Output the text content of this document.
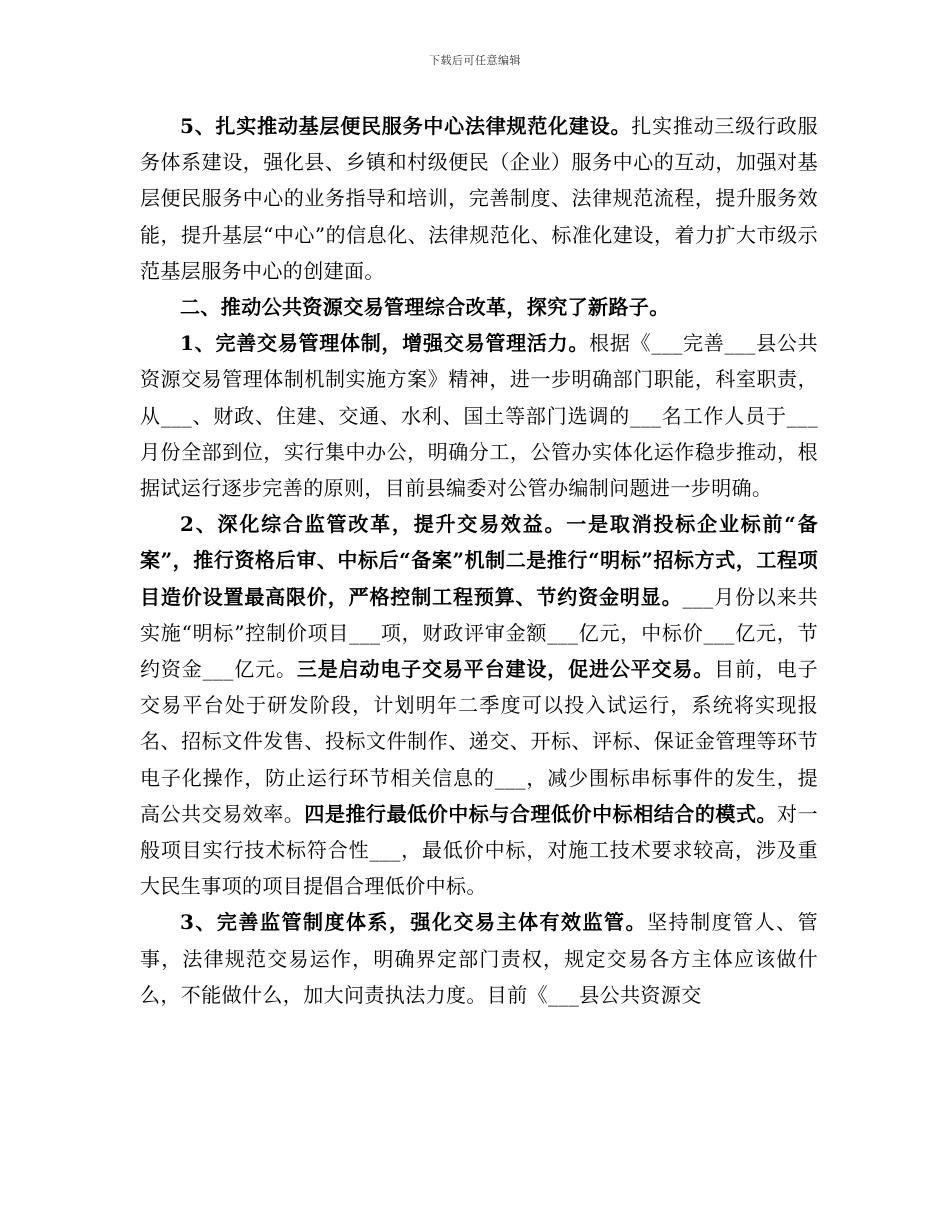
下载后可任意编辑

5、扎实推动基层便民服务中心法律规范化建设。扎实推动三级行政服务体系建设，强化县、乡镇和村级便民（企业）服务中心的互动，加强对基层便民服务中心的业务指导和培训，完善制度、法律规范流程，提升服务效能，提升基层“中心”的信息化、法律规范化、标准化建设，着力扩大市级示范基层服务中心的创建面。

二、推动公共资源交易管理综合改革，探究了新路子。

1、完善交易管理体制，增强交易管理活力。根据《___完善___县公共资源交易管理体制机制实施方案》精神，进一步明确部门职能，科室职责，从___、财政、住建、交通、水利、国土等部门选调的___名工作人员于___月份全部到位，实行集中办公，明确分工，公管办实体化运作稳步推动，根据试运行逐步完善的原则，目前县编委对公管办编制问题进一步明确。

2、深化综合监管改革，提升交易效益。一是取消投标企业标前“备案”，推行资格后审、中标后“备案”机制二是推行“明标”招标方式，工程项目造价设置最高限价，严格控制工程预算、节约资金明显。___月份以来共实施“明标”控制价项目___项，财政评审金额___亿元，中标价___亿元，节约资金___亿元。三是启动电子交易平台建设，促进公平交易。目前，电子交易平台处于研发阶段，计划明年二季度可以投入试运行，系统将实现报名、招标文件发售、投标文件制作、递交、开标、评标、保证金管理等环节电子化操作，防止运行环节相关信息的___，减少围标串标事件的发生，提高公共交易效率。四是推行最低价中标与合理低价中标相结合的模式。对一般项目实行技术标符合性___，最低价中标，对施工技术要求较高，涉及重大民生事项的项目提倡合理低价中标。

3、完善监管制度体系，强化交易主体有效监管。坚持制度管人、管事，法律规范交易运作，明确界定部门责权，规定交易各方主体应该做什么，不能做什么，加大问责执法力度。目前《___县公共资源交
